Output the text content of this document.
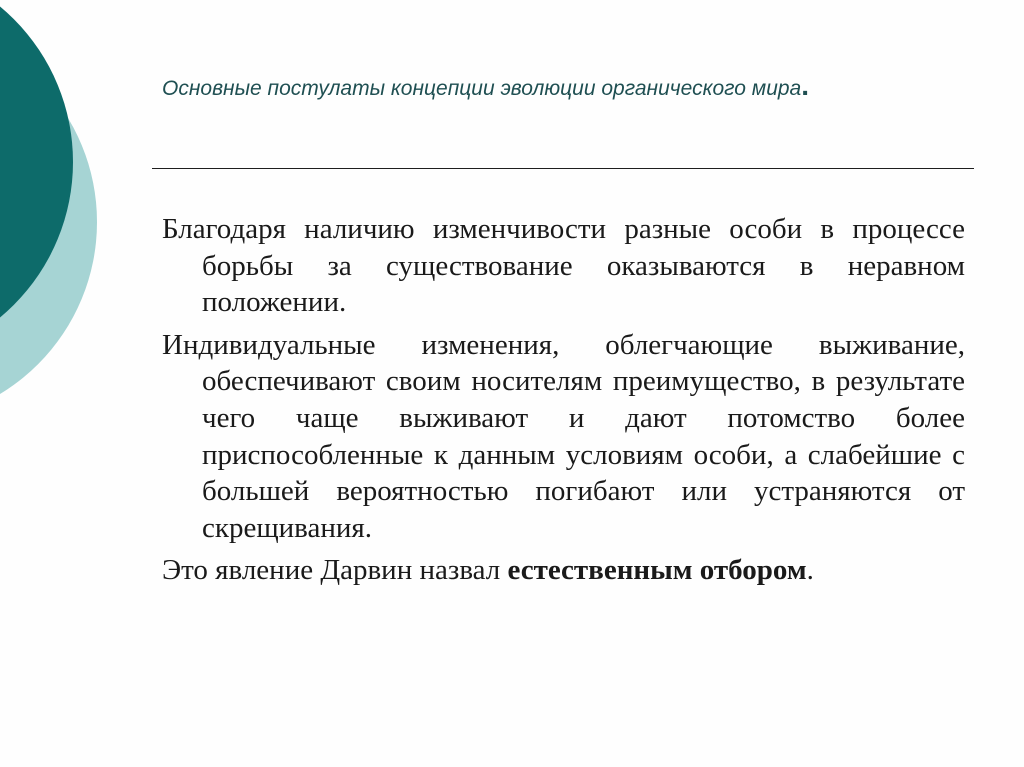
Основные постулаты концепции эволюции органического мира.

Благодаря наличию изменчивости разные особи в процессе борьбы за существование оказываются в неравном положении.

Индивидуальные изменения, облегчающие выживание, обеспечивают своим носителям преимущество, в результате чего чаще выживают и дают потомство более приспособленные к данным условиям особи, а слабейшие с большей вероятностью погибают или устраняются от скрещивания.

Это явление Дарвин назвал естественным отбором.
